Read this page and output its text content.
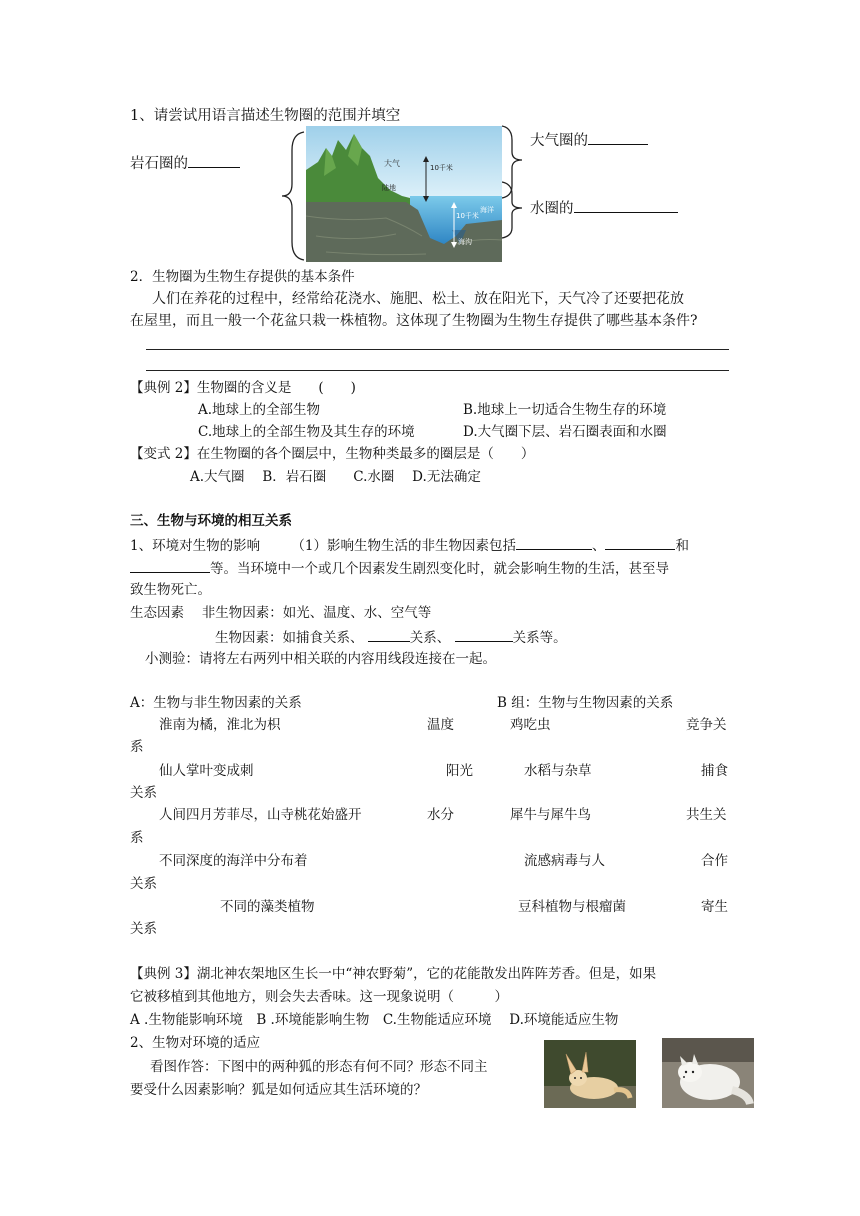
1、请尝试用语言描述生物圈的范围并填空
岩石圈的
大气圈的
水圈的
大气
陆地
10千米
海洋
10千米
海沟
2．生物圈为生物生存提供的基本条件
人们在养花的过程中，经常给花浇水、施肥、松土、放在阳光下，天气冷了还要把花放
在屋里，而且一般一个花盆只栽一株植物。这体现了生物圈为生物生存提供了哪些基本条件?
【典例 2】生物圈的含义是　　(　　)
A.地球上的全部生物	B.地球上一切适合生物生存的环境
C.地球上的全部生物及其生存的环境	D.大气圈下层、岩石圈表面和水圈
【变式 2】在生物圈的各个圈层中，生物种类最多的圈层是（　　）
A.大气圈　 B．岩石圈　　C.水圈　 D.无法确定
三、生物与环境的相互关系
1、环境对生物的影响　　 （1）影响生物生活的非生物因素包括	、	和
等。当环境中一个或几个因素发生剧烈变化时，就会影响生物的生活，甚至导
致生物死亡。
生态因素　 非生物因素：如光、温度、水、空气等
生物因素：如捕食关系、	关系、	关系等。
小测验：请将左右两列中相关联的内容用线段连接在一起。
A：生物与非生物因素的关系	B 组：生物与生物因素的关系
淮南为橘，淮北为枳	温度	鸡吃虫	竞争关
系
仙人掌叶变成刺	阳光	水稻与杂草	捕食
关系
人间四月芳菲尽，山寺桃花始盛开	水分	犀牛与犀牛鸟	共生关
系
不同深度的海洋中分布着	流感病毒与人	合作
关系
不同的藻类植物	豆科植物与根瘤菌	寄生
关系
【典例 3】湖北神农架地区生长一中“神农野菊”，它的花能散发出阵阵芳香。但是，如果
它被移植到其他地方，则会失去香味。这一现象说明（　　　）
A .生物能影响环境　B .环境能影响生物　C.生物能适应环境　 D.环境能适应生物
2、生物对环境的适应
看图作答：下图中的两种狐的形态有何不同？形态不同主
要受什么因素影响？狐是如何适应其生活环境的？
